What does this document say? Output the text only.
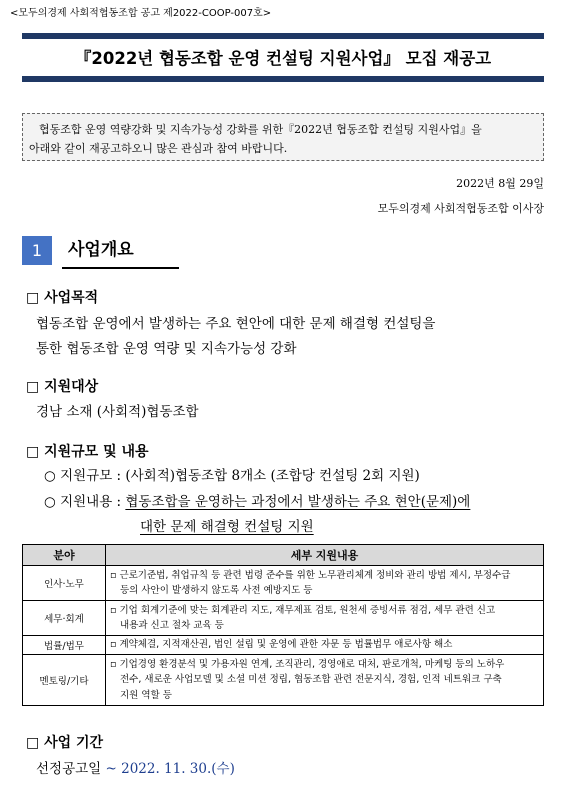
<모두의경제 사회적협동조합 공고 제2022-COOP-007호>
『2022년 협동조합 운영 컨설팅 지원사업』 모집 재공고
협동조합 운영 역량강화 및 지속가능성 강화를 위한『2022년 협동조합 컨설팅 지원사업』을
아래와 같이 재공고하오니 많은 관심과 참여 바랍니다.
2022년 8월 29일
모두의경제 사회적협동조합 이사장
1	사업개요
□ 사업목적
협동조합 운영에서 발생하는 주요 현안에 대한 문제 해결형 컨설팅을
통한 협동조합 운영 역량 및 지속가능성 강화
□ 지원대상
경남 소재 (사회적)협동조합
□ 지원규모 및 내용
○ 지원규모 : (사회적)협동조합 8개소 (조합당 컨설팅 2회 지원)
○ 지원내용 : 협동조합을 운영하는 과정에서 발생하는 주요 현안(문제)에
대한 문제 해결형 컨설팅 지원
분야	세부 지원내용
인사·노무	▫ 근로기준법, 취업규칙 등 관련 법령 준수를 위한 노무관리체계 정비와 관리 방법 제시, 부정수급
등의 사안이 발생하지 않도록 사전 예방지도 등

세무·회계	▫ 기업 회계기준에 맞는 회계관리 지도, 재무제표 검토, 원천세 증빙서류 점검, 세무 관련 신고
내용과 신고 절차 교육 등

법률/법무	▫ 계약체결, 지적재산권, 법인 설립 및 운영에 관한 자문 등 법률법무 애로사항 해소

멘토링/기타	▫ 기업경영 환경분석 및 가용자원 연계, 조직관리, 경영애로 대처, 판로개척, 마케팅 등의 노하우
전수, 새로운 사업모델 및 소셜 미션 정립, 협동조합 관련 전문지식, 경험, 인적 네트워크 구축
지원 역할 등
□ 사업 기간
선정공고일 ~ 2022. 11. 30.(수)
